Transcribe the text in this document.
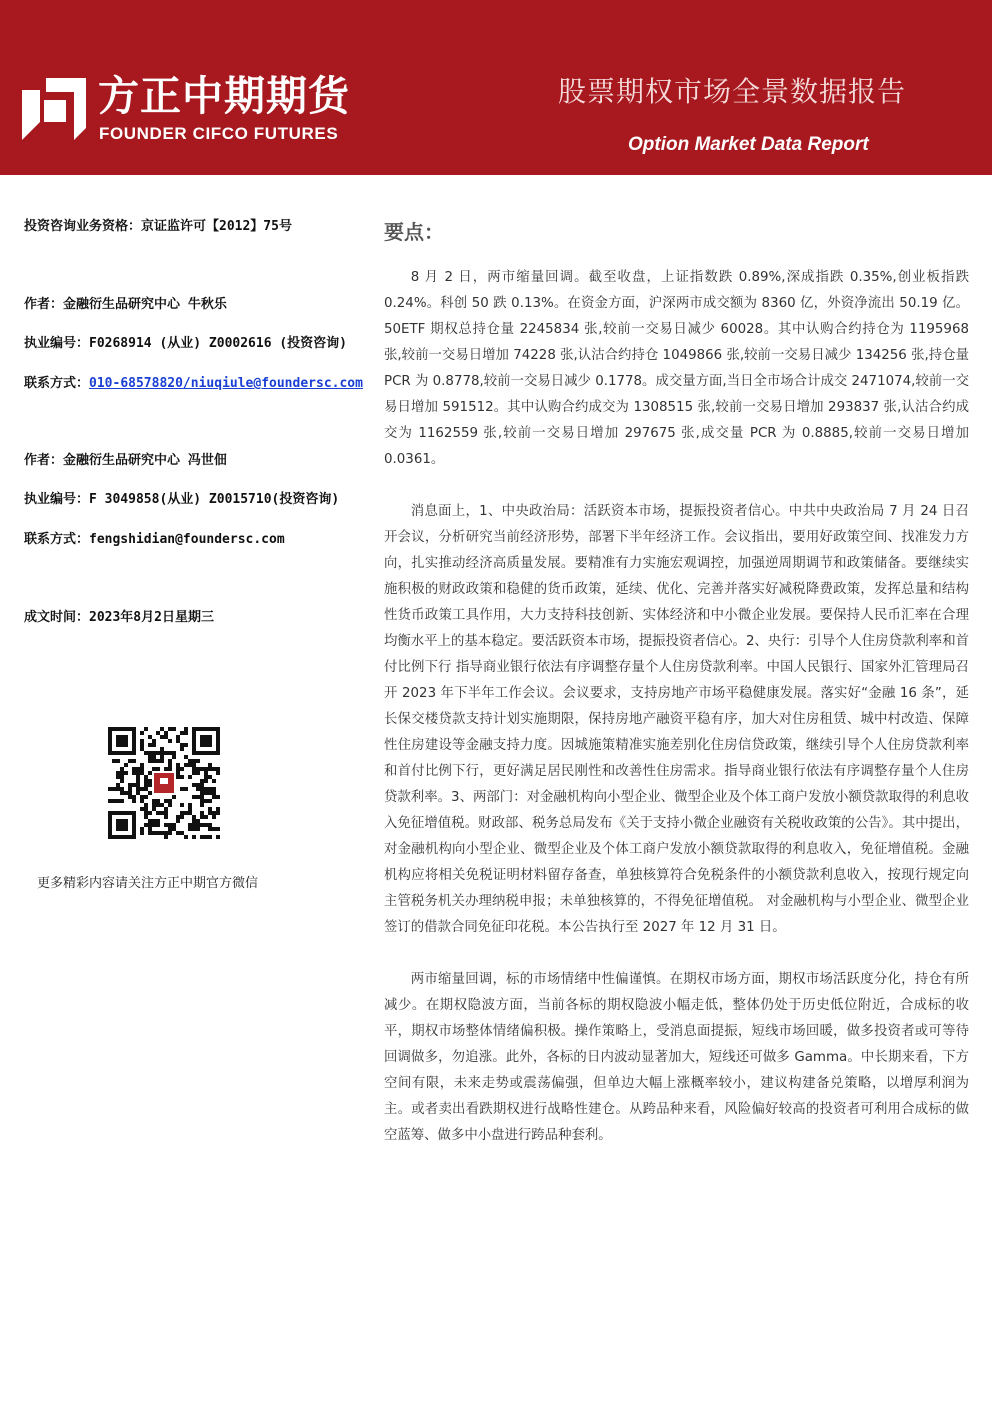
方正中期期货
FOUNDER CIFCO FUTURES
股票期权市场全景数据报告
Option Market Data Report

投资咨询业务资格：京证监许可【2012】75号

作者：金融衍生品研究中心 牛秋乐

执业编号：F0268914 (从业) Z0002616 (投资咨询)

联系方式：010-68578820/niuqiule@foundersc.com

作者：金融衍生品研究中心 冯世佃

执业编号：F 3049858(从业) Z0015710(投资咨询)

联系方式：fengshidian@foundersc.com

成文时间：2023年8月2日星期三

更多精彩内容请关注方正中期官方微信
要点：

8 月 2 日，两市缩量回调。截至收盘，上证指数跌 0.89%,深成指跌 0.35%,创业板指跌 0.24%。科创 50 跌 0.13%。在资金方面，沪深两市成交额为 8360 亿，外资净流出 50.19 亿。50ETF 期权总持仓量 2245834 张,较前一交易日减少 60028。其中认购合约持仓为 1195968 张,较前一交易日增加 74228 张,认沽合约持仓 1049866 张,较前一交易日减少 134256 张,持仓量 PCR 为 0.8778,较前一交易日减少 0.1778。成交量方面,当日全市场合计成交 2471074,较前一交易日增加 591512。其中认购合约成交为 1308515 张,较前一交易日增加 293837 张,认沽合约成交为 1162559 张,较前一交易日增加 297675 张,成交量 PCR 为 0.8885,较前一交易日增加 0.0361。

消息面上，1、中央政治局：活跃资本市场，提振投资者信心。中共中央政治局 7 月 24 日召开会议，分析研究当前经济形势，部署下半年经济工作。会议指出，要用好政策空间、找准发力方向，扎实推动经济高质量发展。要精准有力实施宏观调控，加强逆周期调节和政策储备。要继续实施积极的财政政策和稳健的货币政策，延续、优化、完善并落实好减税降费政策，发挥总量和结构性货币政策工具作用，大力支持科技创新、实体经济和中小微企业发展。要保持人民币汇率在合理均衡水平上的基本稳定。要活跃资本市场，提振投资者信心。2、央行：引导个人住房贷款利率和首付比例下行 指导商业银行依法有序调整存量个人住房贷款利率。中国人民银行、国家外汇管理局召开 2023 年下半年工作会议。会议要求，支持房地产市场平稳健康发展。落实好“金融 16 条”，延长保交楼贷款支持计划实施期限，保持房地产融资平稳有序，加大对住房租赁、城中村改造、保障性住房建设等金融支持力度。因城施策精准实施差别化住房信贷政策，继续引导个人住房贷款利率和首付比例下行，更好满足居民刚性和改善性住房需求。指导商业银行依法有序调整存量个人住房贷款利率。3、两部门：对金融机构向小型企业、微型企业及个体工商户发放小额贷款取得的利息收入免征增值税。财政部、税务总局发布《关于支持小微企业融资有关税收政策的公告》。其中提出，对金融机构向小型企业、微型企业及个体工商户发放小额贷款取得的利息收入，免征增值税。金融机构应将相关免税证明材料留存备查，单独核算符合免税条件的小额贷款利息收入，按现行规定向主管税务机关办理纳税申报；未单独核算的，不得免征增值税。 对金融机构与小型企业、微型企业签订的借款合同免征印花税。本公告执行至 2027 年 12 月 31 日。

两市缩量回调，标的市场情绪中性偏谨慎。在期权市场方面，期权市场活跃度分化，持仓有所减少。在期权隐波方面，当前各标的期权隐波小幅走低，整体仍处于历史低位附近，合成标的收平，期权市场整体情绪偏积极。操作策略上，受消息面提振，短线市场回暖，做多投资者或可等待回调做多，勿追涨。此外，各标的日内波动显著加大，短线还可做多 Gamma。中长期来看，下方空间有限，未来走势或震荡偏强，但单边大幅上涨概率较小，建议构建备兑策略，以增厚利润为主。或者卖出看跌期权进行战略性建仓。从跨品种来看，风险偏好较高的投资者可利用合成标的做空蓝筹、做多中小盘进行跨品种套利。
